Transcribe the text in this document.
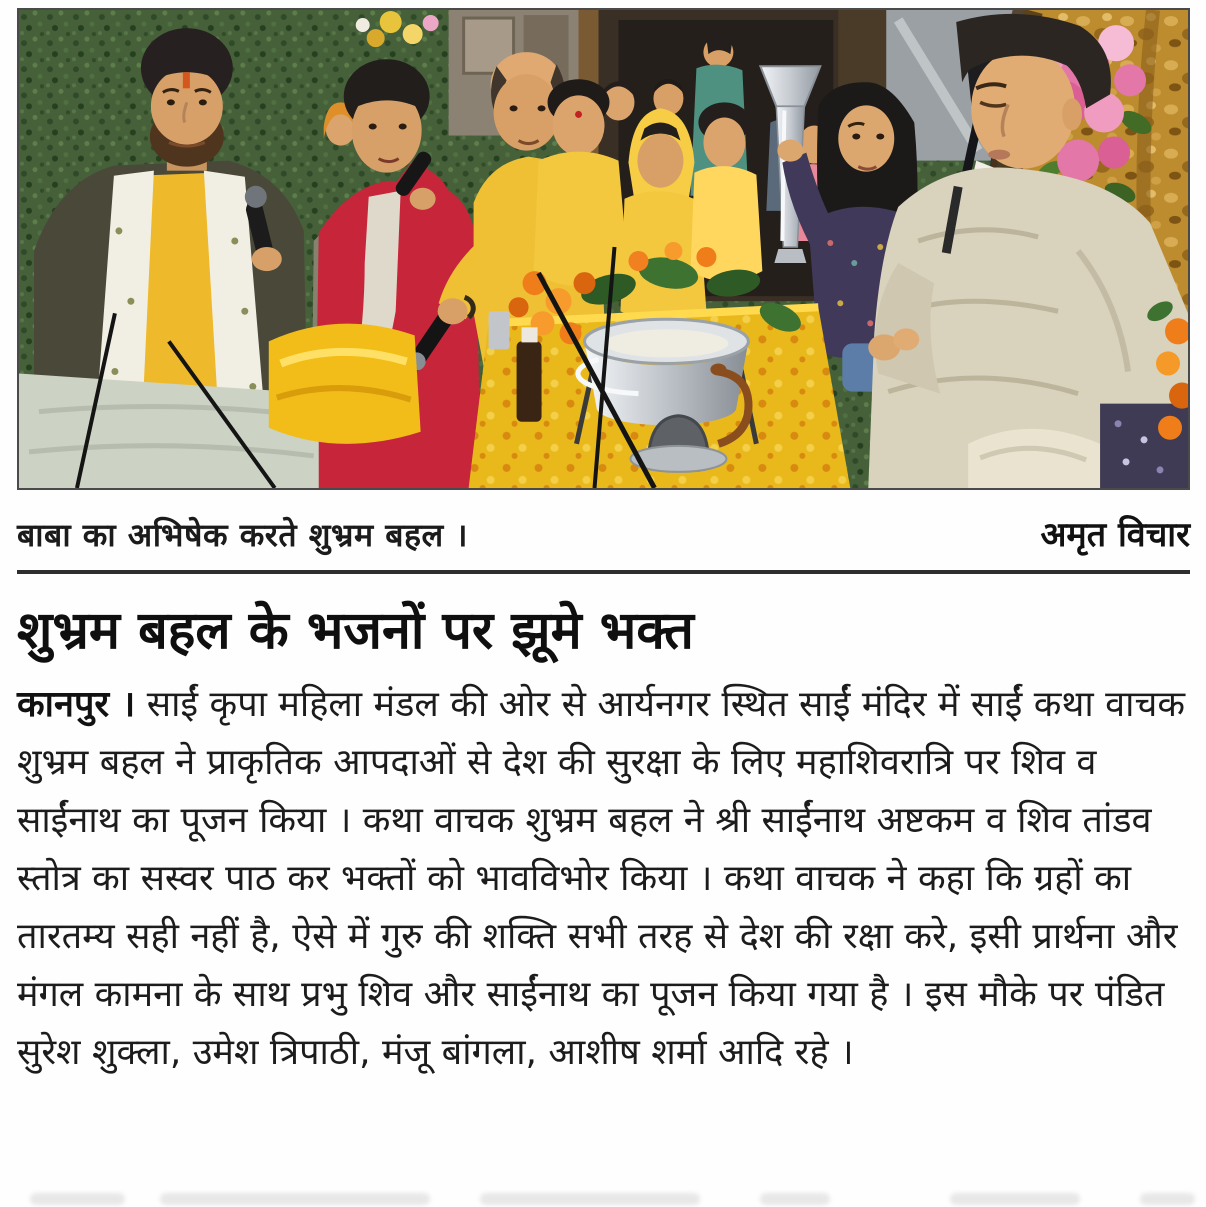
बाबा का अभिषेक करते शुभ्रम बहल ।	अमृत विचार
शुभ्रम बहल के भजनों पर झूमे भक्त

कानपुर । साईं कृपा महिला मंडल की ओर से आर्यनगर स्थित साईं मंदिर में साईं कथा वाचक शुभ्रम बहल ने प्राकृतिक आपदाओं से देश की सुरक्षा के लिए महाशिवरात्रि पर शिव व साईंनाथ का पूजन किया । कथा वाचक शुभ्रम बहल ने श्री साईंनाथ अष्टकम व शिव तांडव स्तोत्र का सस्वर पाठ कर भक्तों को भावविभोर किया । कथा वाचक ने कहा कि ग्रहों का तारतम्य सही नहीं है, ऐसे में गुरु की शक्ति सभी तरह से देश की रक्षा करे, इसी प्रार्थना और मंगल कामना के साथ प्रभु शिव और साईंनाथ का पूजन किया गया है । इस मौके पर पंडित सुरेश शुक्ला, उमेश त्रिपाठी, मंजू बांगला, आशीष शर्मा आदि रहे ।
